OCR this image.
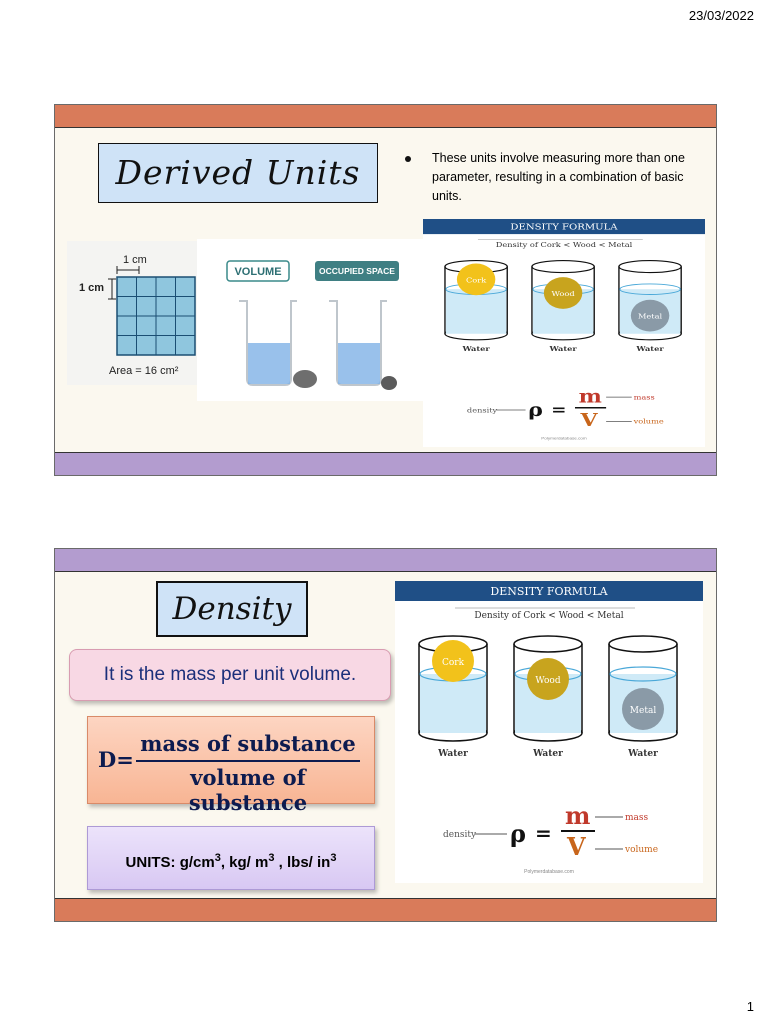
23/03/2022
Derived Units	These units involve measuring more than one parameter, resulting in a combination of basic units.
1 cm
1 cm
Area = 16 cm²
VOLUME	OCCUPIED SPACE
DENSITY FORMULA
Density of Cork < Wood < Metal
Cork
Wood
Metal
Water	Water	Water
density ρ =
m
V
mass
volume
Polymerdatabase.com
Density
It is the mass per unit volume.
D=
mass of substance
volume of substance
UNITS: $g/cm^3$, kg/ $m^3$ , lbs/ $in^3$
DENSITY FORMULA
Density of Cork < Wood < Metal
Cork
Wood
Metal
Water	Water	Water
density ρ =
m
V
mass
volume
Polymerdatabase.com
1
